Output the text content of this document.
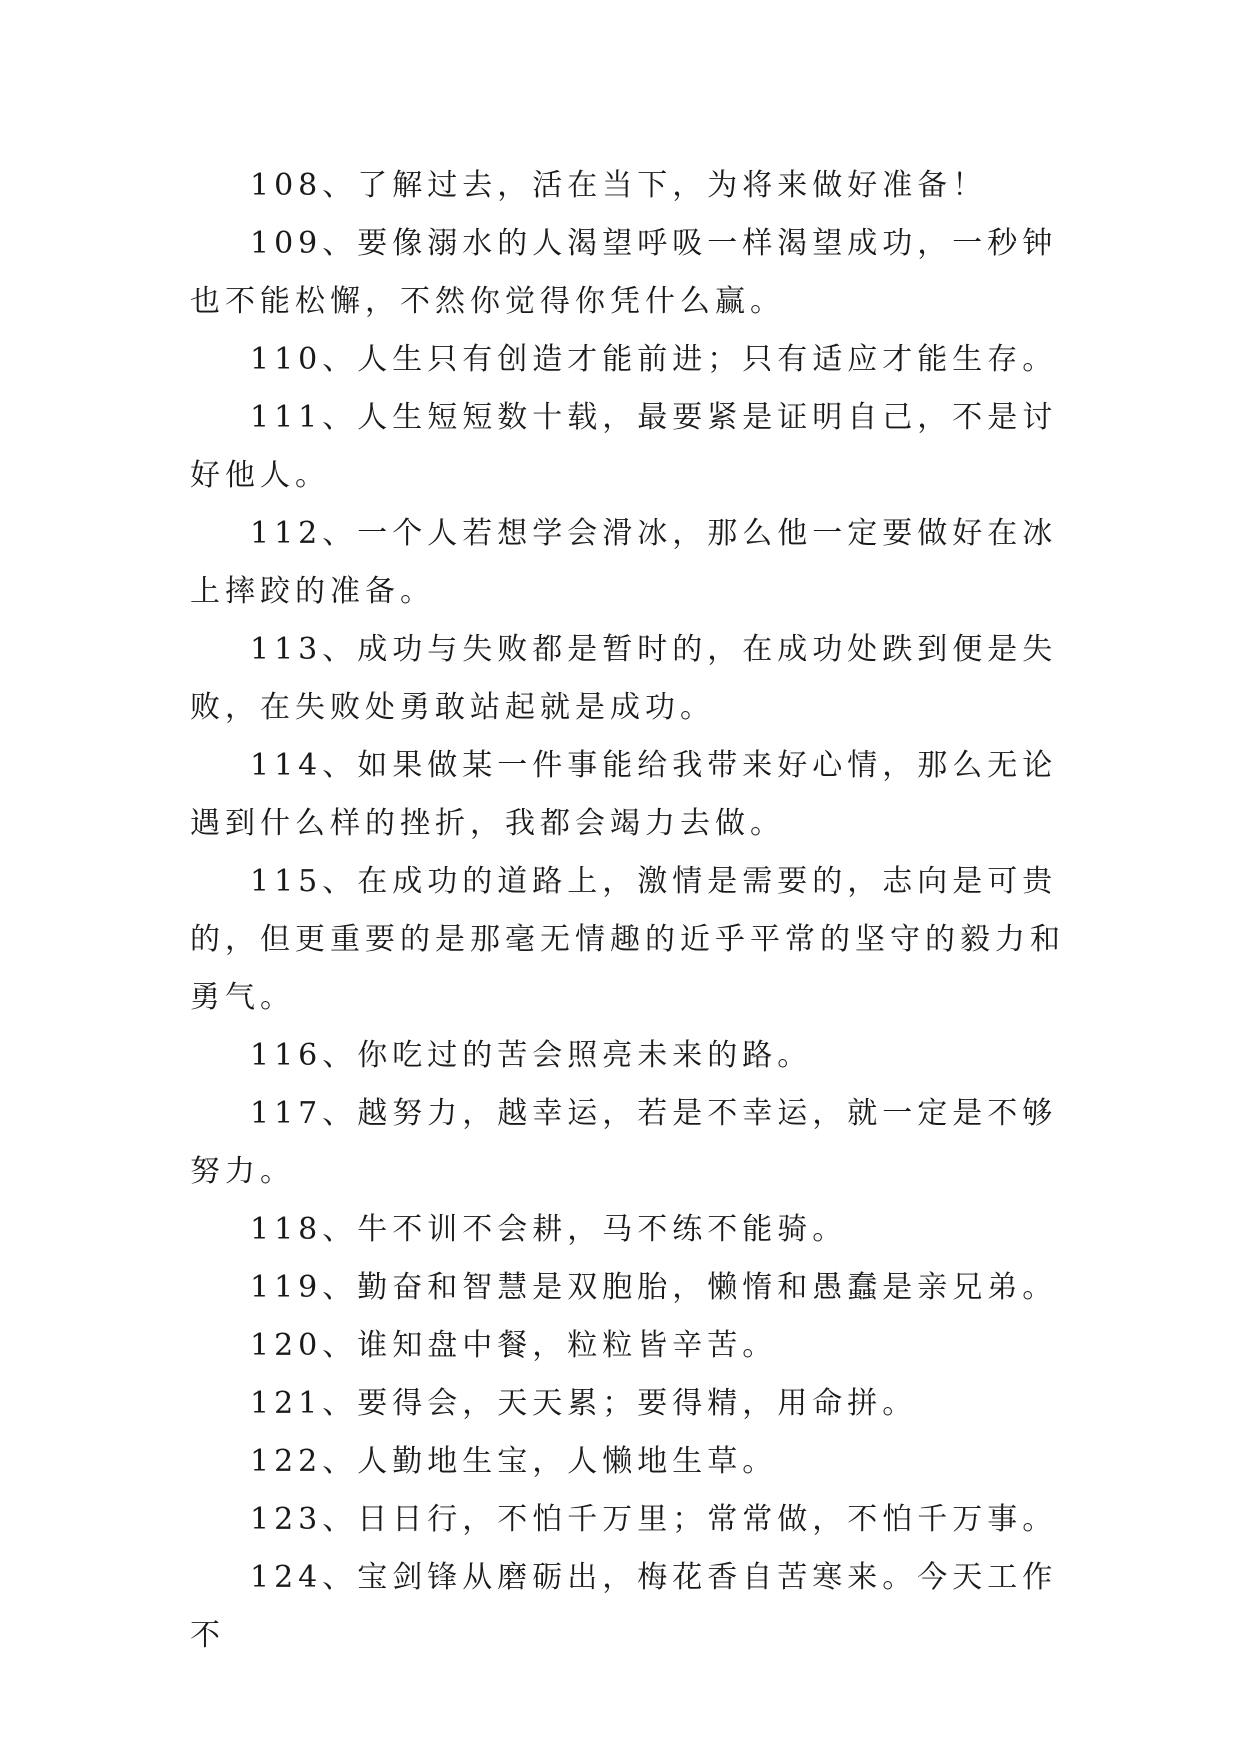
108、了解过去，活在当下，为将来做好准备！

109、要像溺水的人渴望呼吸一样渴望成功，一秒钟也不能松懈，不然你觉得你凭什么赢。

110、人生只有创造才能前进；只有适应才能生存。

111、人生短短数十载，最要紧是证明自己，不是讨好他人。

112、一个人若想学会滑冰，那么他一定要做好在冰上摔跤的准备。

113、成功与失败都是暂时的，在成功处跌到便是失败，在失败处勇敢站起就是成功。

114、如果做某一件事能给我带来好心情，那么无论遇到什么样的挫折，我都会竭力去做。

115、在成功的道路上，激情是需要的，志向是可贵的，但更重要的是那毫无情趣的近乎平常的坚守的毅力和勇气。

116、你吃过的苦会照亮未来的路。

117、越努力，越幸运，若是不幸运，就一定是不够努力。

118、牛不训不会耕，马不练不能骑。

119、勤奋和智慧是双胞胎，懒惰和愚蠢是亲兄弟。

120、谁知盘中餐，粒粒皆辛苦。

121、要得会，天天累；要得精，用命拼。

122、人勤地生宝，人懒地生草。

123、日日行，不怕千万里；常常做，不怕千万事。

124、宝剑锋从磨砺出，梅花香自苦寒来。今天工作不
